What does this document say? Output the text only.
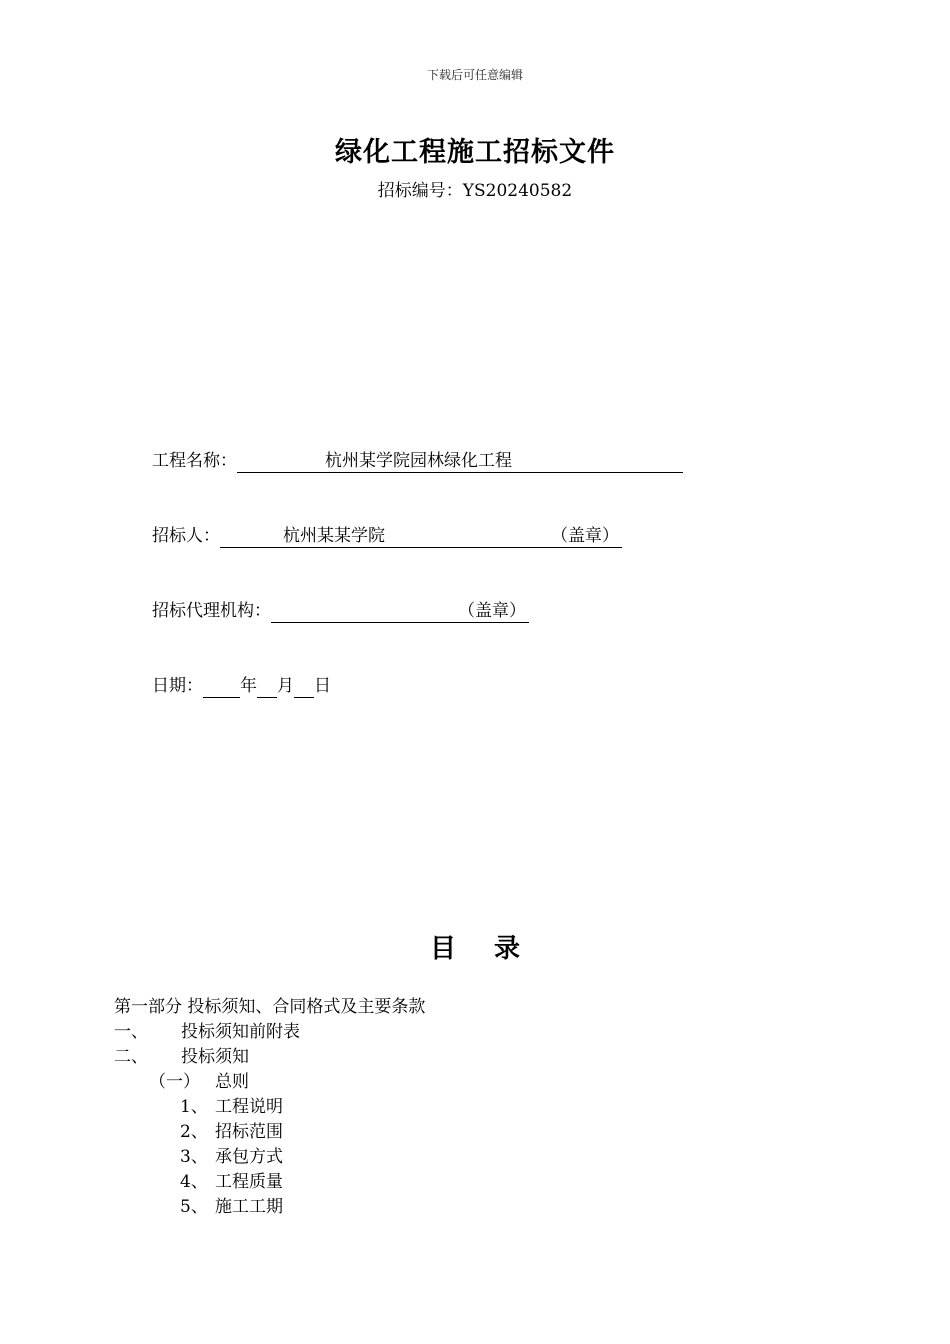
下载后可任意编辑
绿化工程施工招标文件
招标编号：YS20240582
工程名称：	杭州某学院园林绿化工程
招标人：	杭州某某学院	（盖章）
招标代理机构：	（盖章）
日期： 年 月 日
目 录
第一部分 投标须知、合同格式及主要条款
一、 投标须知前附表
二、 投标须知
（一） 总则
1、 工程说明
2、 招标范围
3、 承包方式
4、 工程质量
5、 施工工期
